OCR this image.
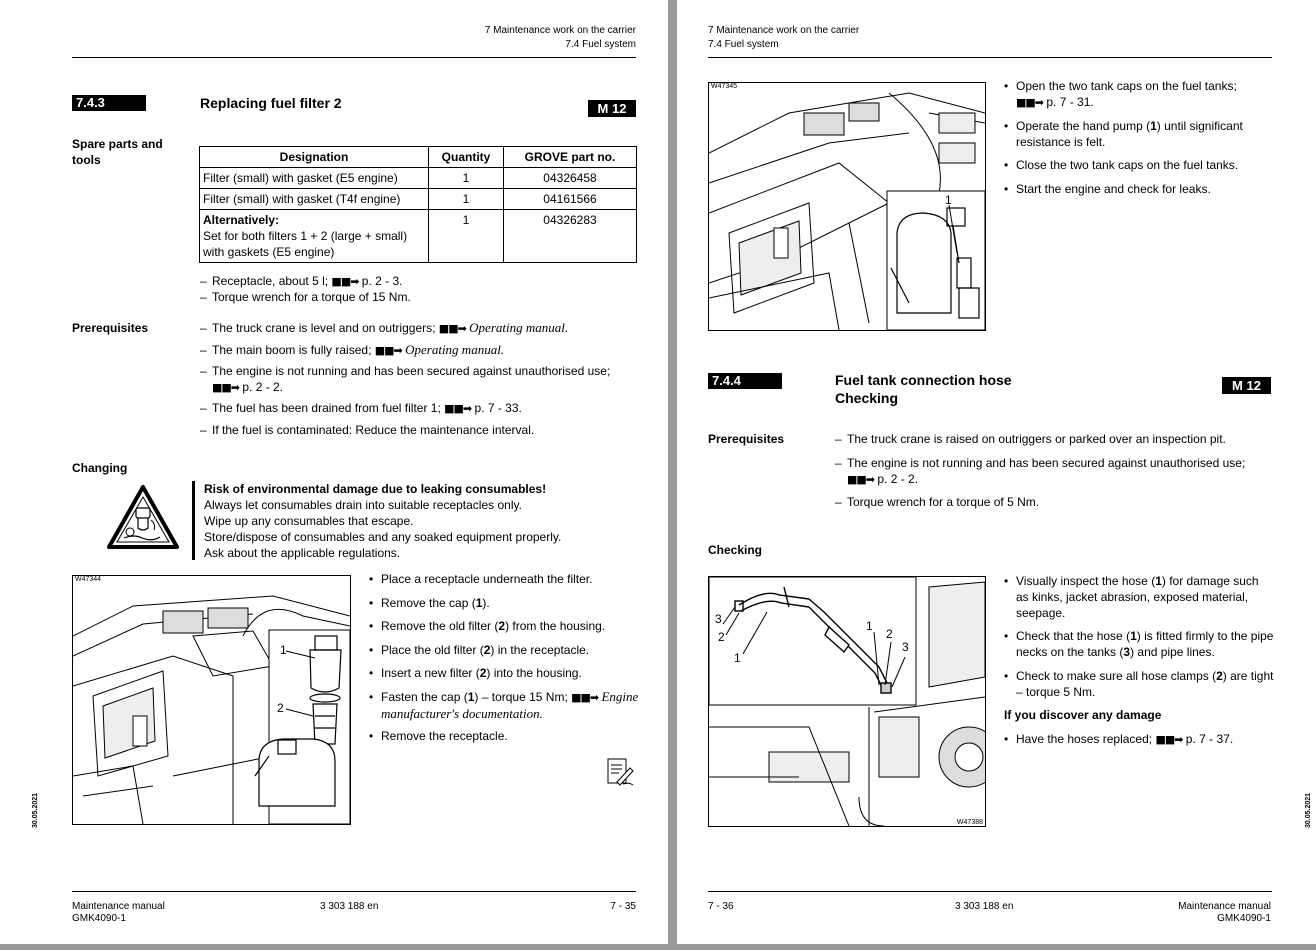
7 Maintenance work on the carrier
7.4 Fuel system
7.4.3	Replacing fuel filter 2	M 12
Spare parts and tools	Designation	Quantity	GROVE part no.
Filter (small) with gasket (E5 engine)	1	04326458
Filter (small) with gasket (T4f engine)	1	04161566
Alternatively:
Set for both filters 1 + 2 (large + small) with gaskets (E5 engine)	1	04326283
– Receptacle, about 5 l; ■■➡ p. 2 - 3.
– Torque wrench for a torque of 15 Nm.
Prerequisites	– The truck crane is level and on outriggers; ■■➡ Operating manual.
– The main boom is fully raised; ■■➡ Operating manual.
– The engine is not running and has been secured against unauthorised use; ■■➡ p. 2 - 2.
– The fuel has been drained from fuel filter 1; ■■➡ p. 7 - 33.
– If the fuel is contaminated: Reduce the maintenance interval.
Changing
Risk of environmental damage due to leaking consumables!
Always let consumables drain into suitable receptacles only.
Wipe up any consumables that escape.
Store/dispose of consumables and any soaked equipment properly.
Ask about the applicable regulations.
W47344
1
2
• Place a receptacle underneath the filter.
• Remove the cap (1).
• Remove the old filter (2) from the housing.
• Place the old filter (2) in the receptacle.
• Insert a new filter (2) into the housing.
• Fasten the cap (1) – torque 15 Nm; ■■➡ Engine manufacturer's documentation.
• Remove the receptacle.
30.05.2021
Maintenance manual
GMK4090-1
3 303 188 en	7 - 35
7 Maintenance work on the carrier
7.4 Fuel system
W47345
1
• Open the two tank caps on the fuel tanks;
■■➡ p. 7 - 31.
• Operate the hand pump (1) until significant resistance is felt.
• Close the two tank caps on the fuel tanks.
• Start the engine and check for leaks.
7.4.4	Fuel tank connection hose
Checking
M 12
Prerequisites	– The truck crane is raised on outriggers or parked over an inspection pit.
– The engine is not running and has been secured against unauthorised use; ■■➡ p. 2 - 2.
– Torque wrench for a torque of 5 Nm.
Checking
3
2
1
1
2
3
W47388
• Visually inspect the hose (1) for damage such as kinks, jacket abrasion, exposed material, seepage.
• Check that the hose (1) is fitted firmly to the pipe necks on the tanks (3) and pipe lines.
• Check to make sure all hose clamps (2) are tight – torque 5 Nm.
If you discover any damage
• Have the hoses replaced; ■■➡ p. 7 - 37.
30.05.2021
7 - 36	3 303 188 en	Maintenance manual
GMK4090-1
